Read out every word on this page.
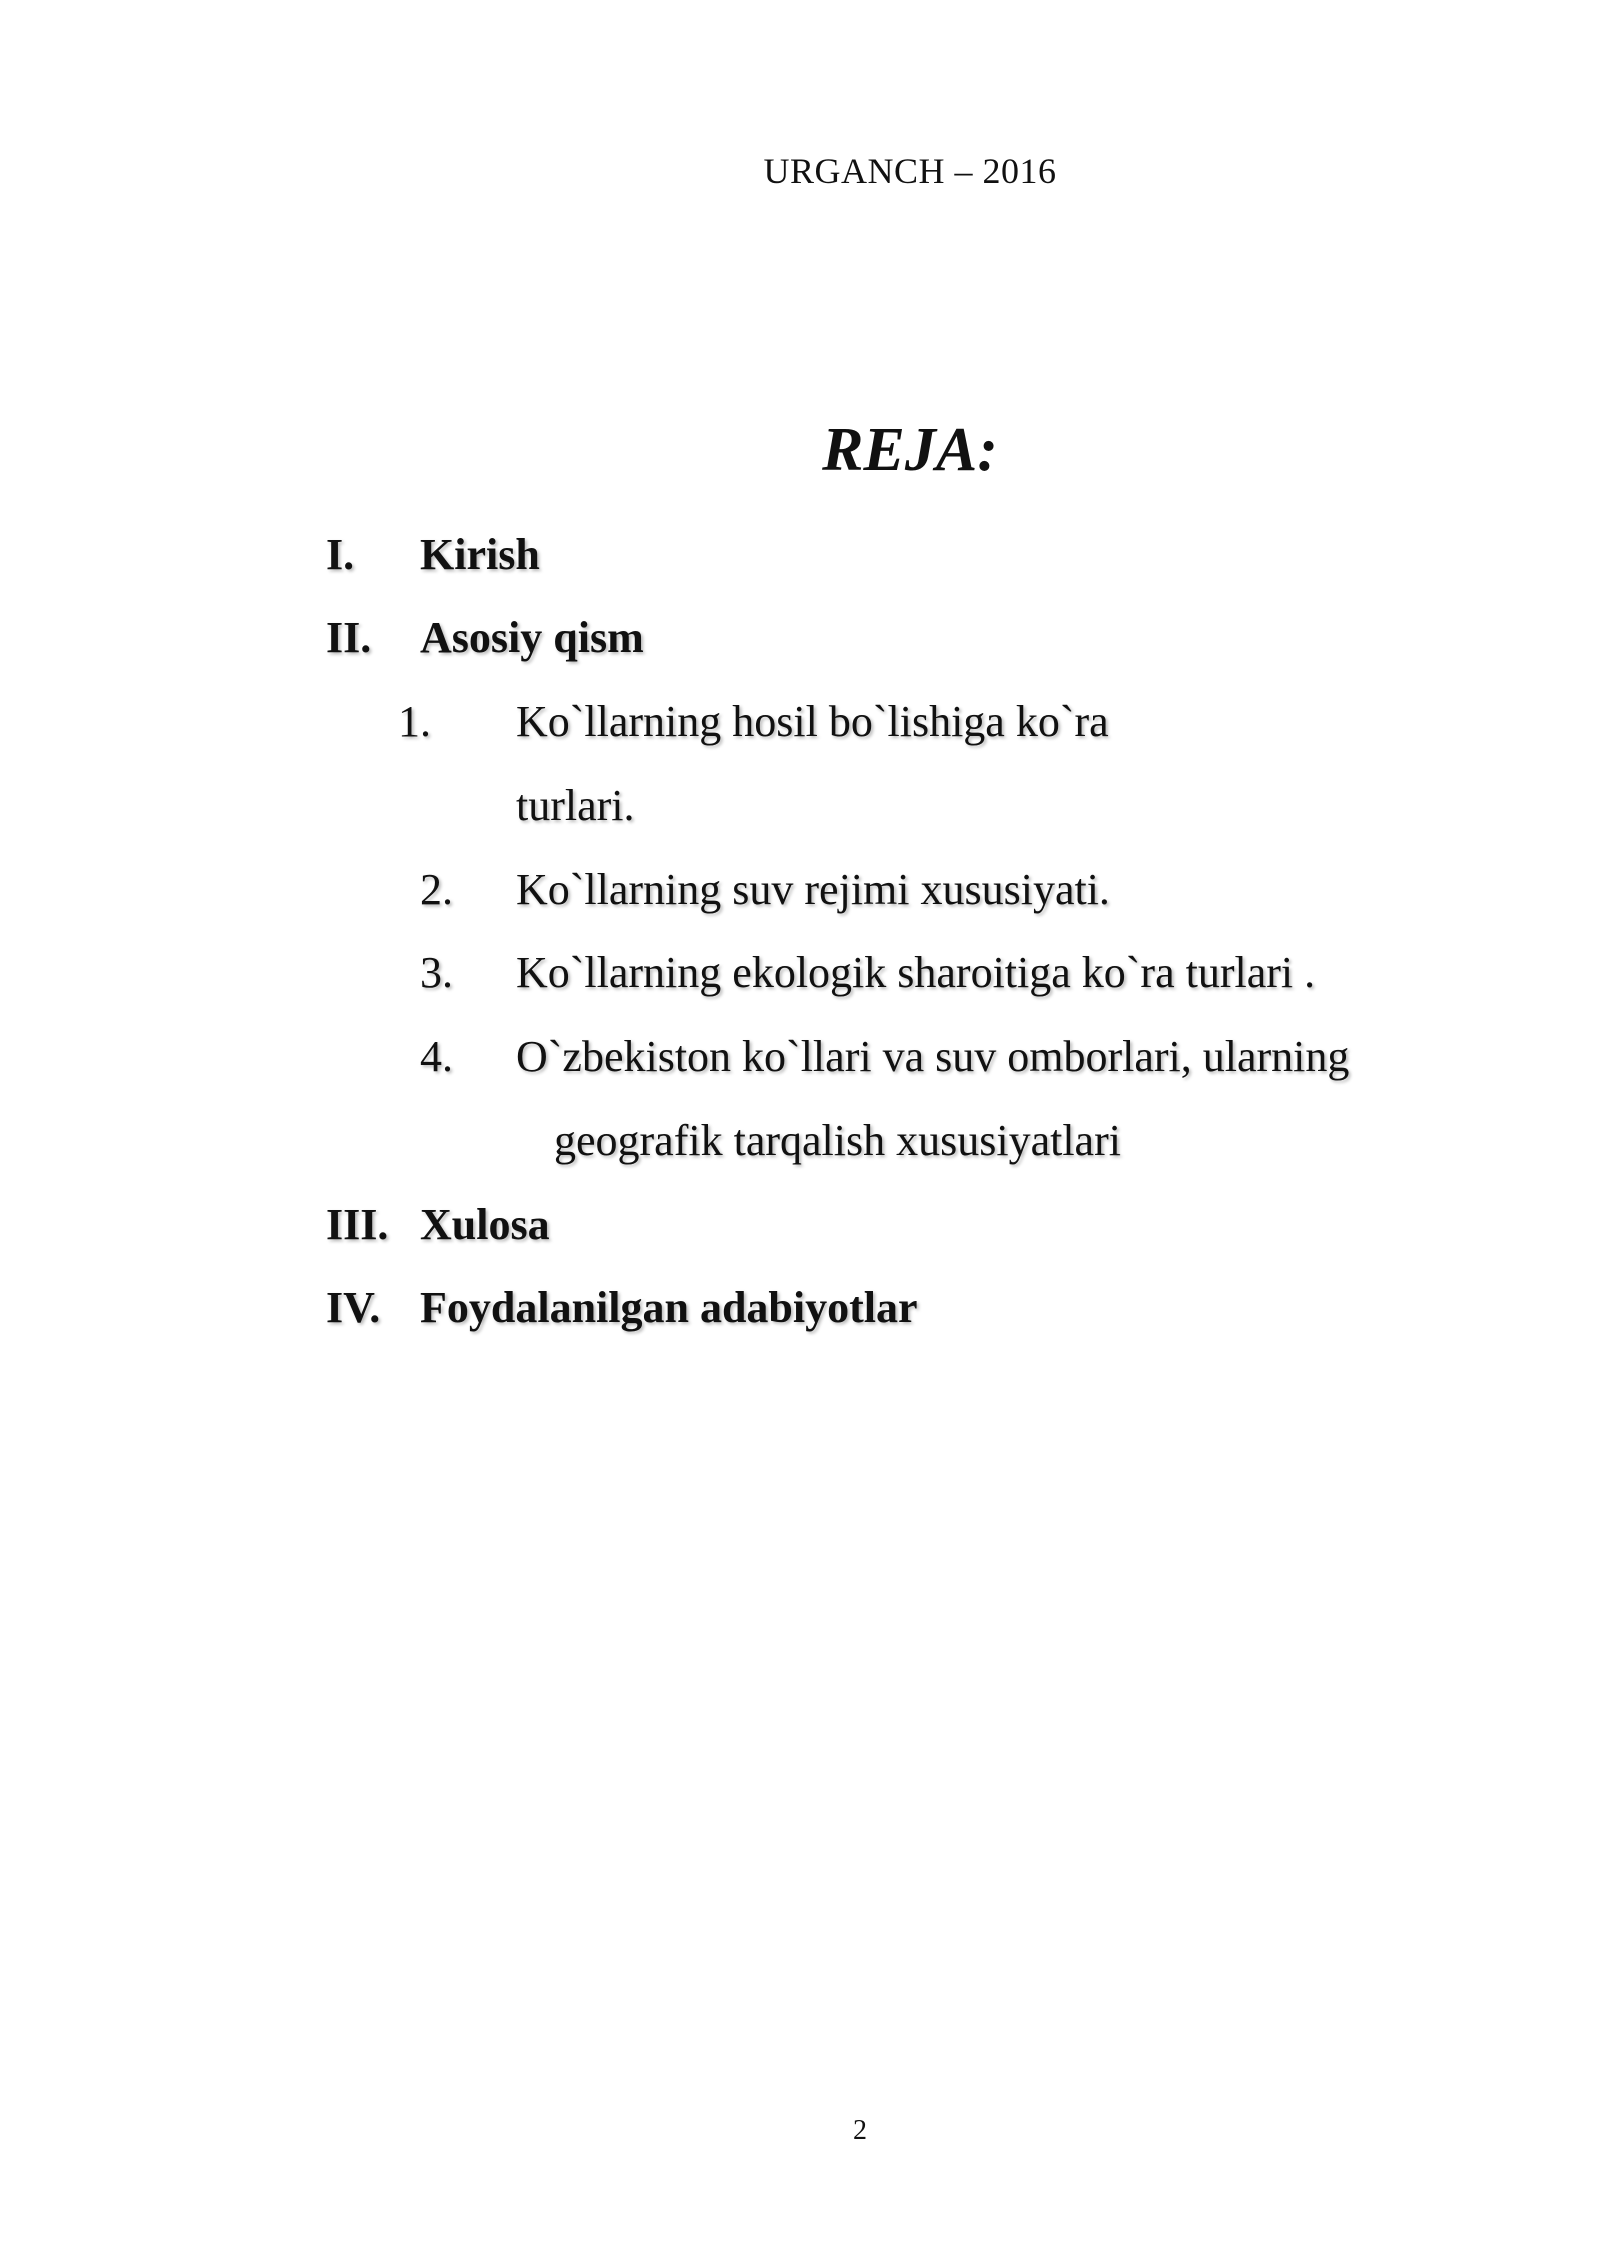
URGANCH – 2016
REJA:
I. Kirish
II. Asosiy qism
1. Ko`llarning hosil bo`lishiga ko`ra
turlari.
2. Ko`llarning suv rejimi xususiyati.
3. Ko`llarning ekologik sharoitiga ko`ra turlari .
4. O`zbekiston ko`llari va suv omborlari, ularning
geografik tarqalish xususiyatlari
III. Xulosa
IV. Foydalanilgan adabiyotlar
2
